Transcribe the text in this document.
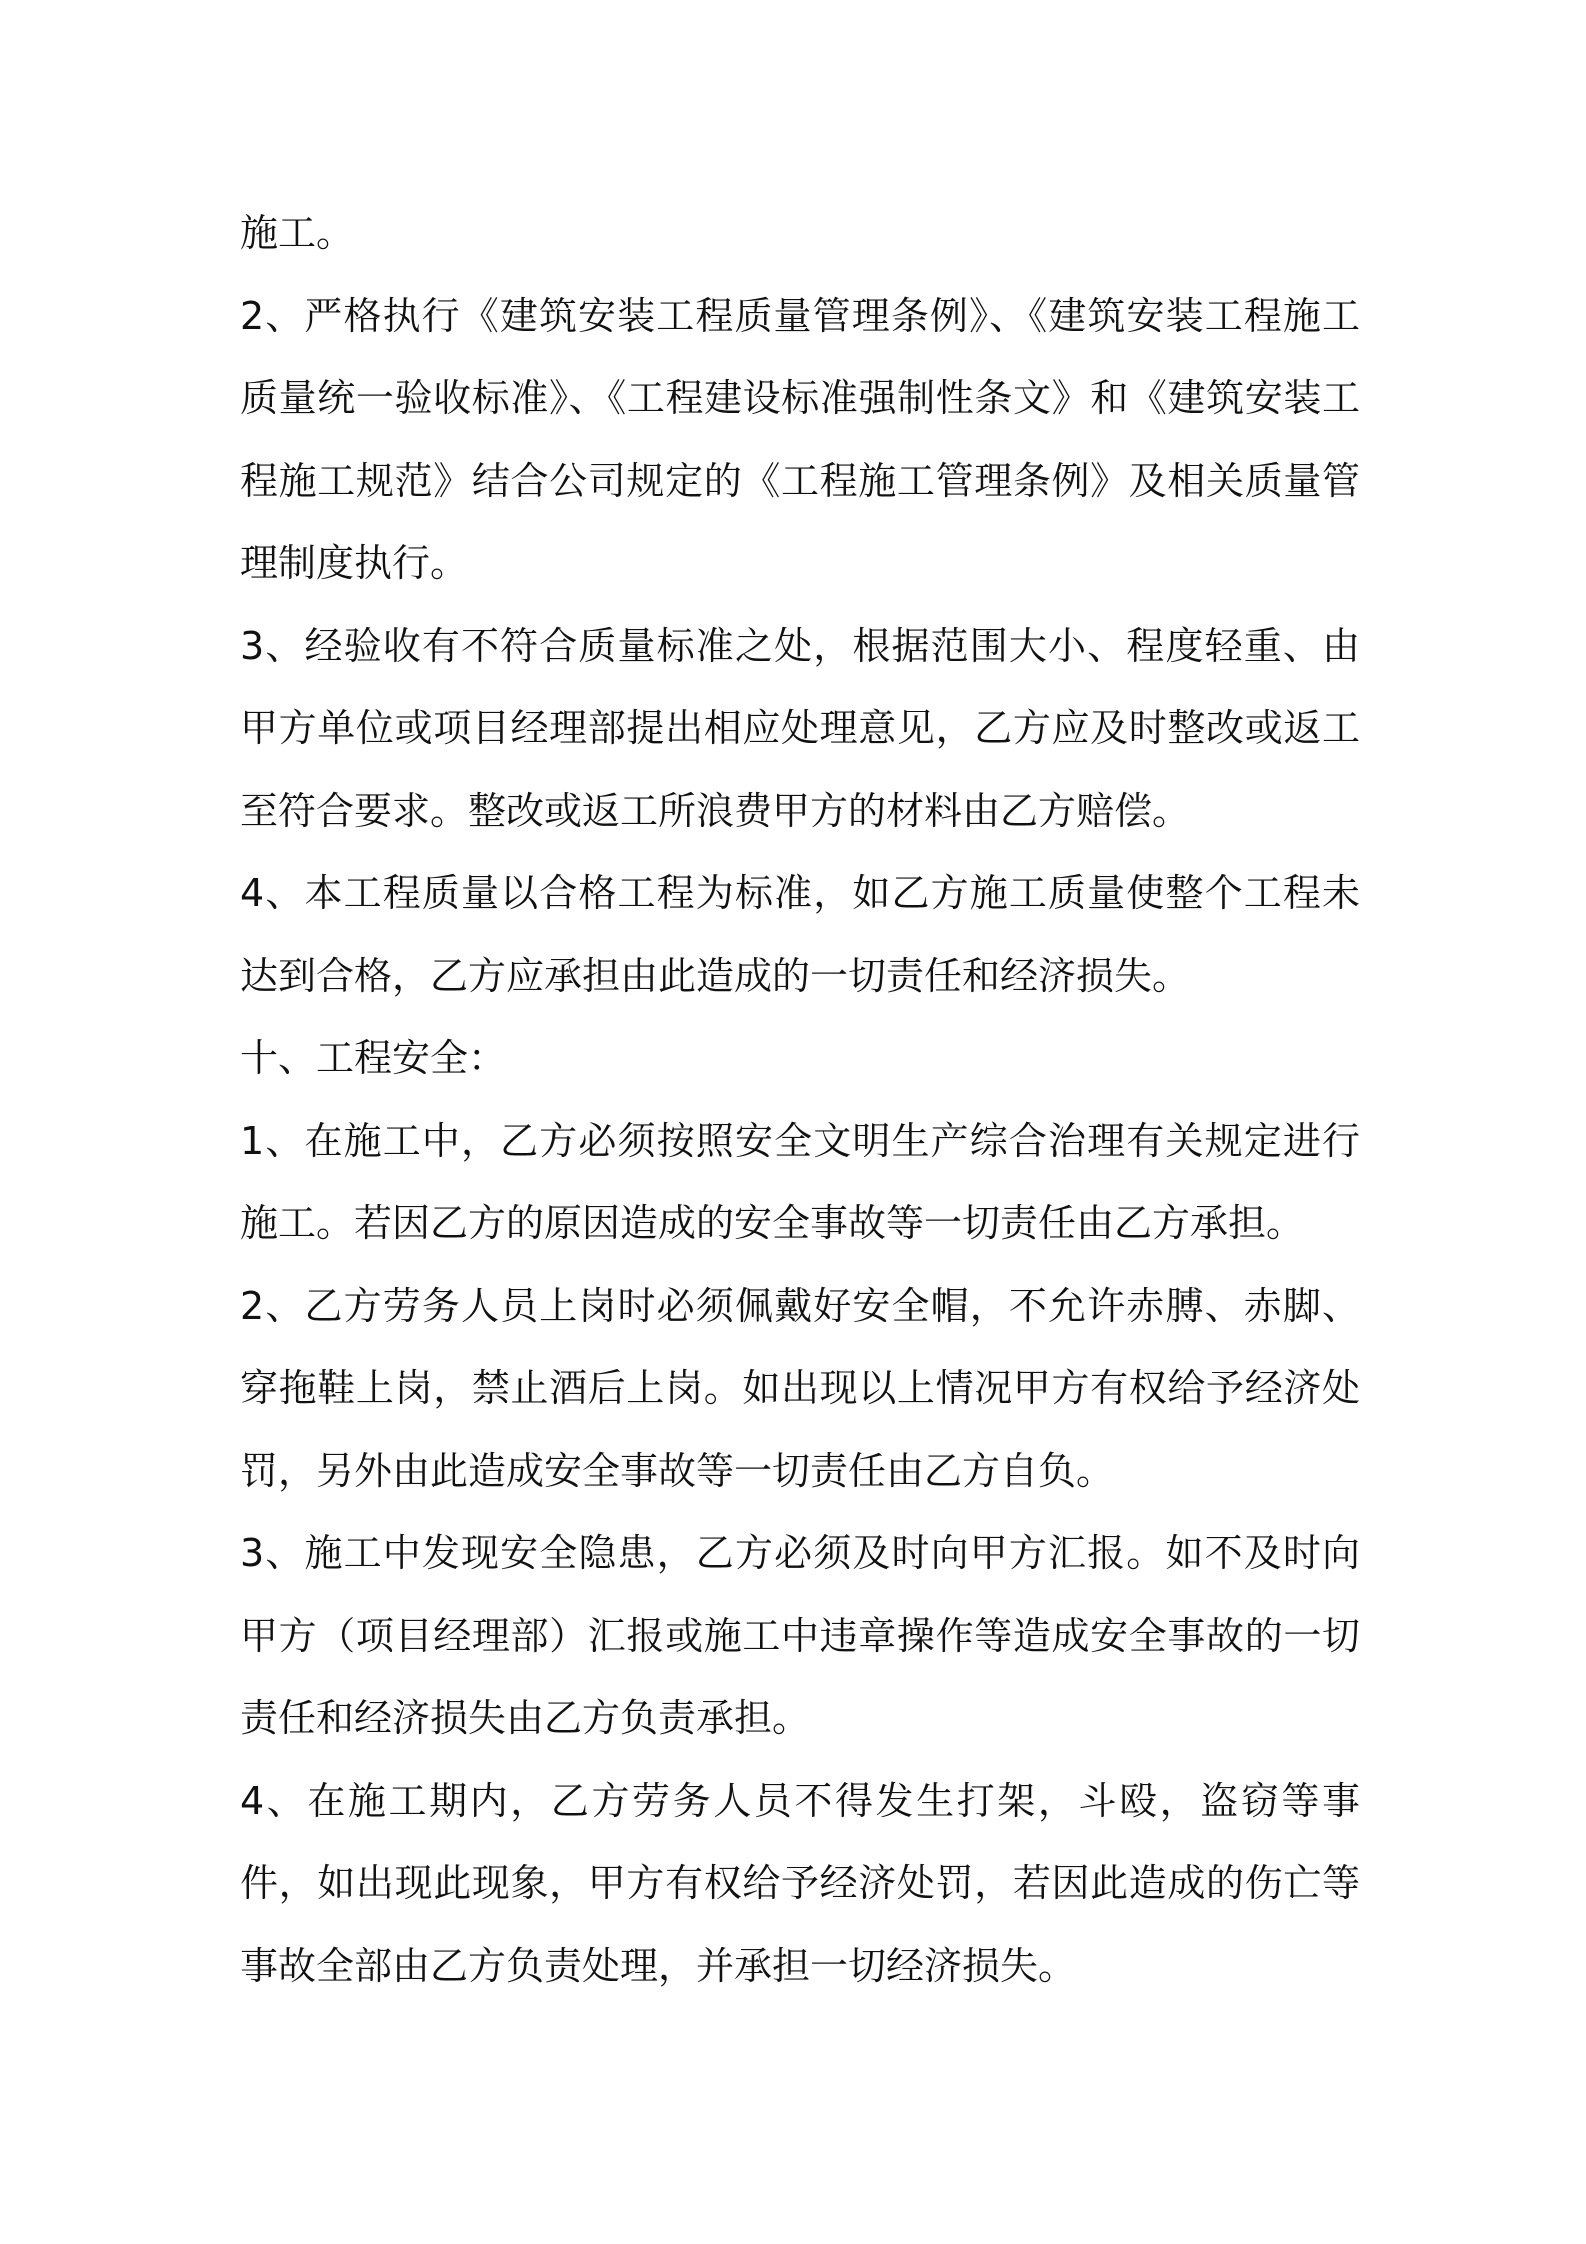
施工。

2、严格执行《建筑安装工程质量管理条例》、《建筑安装工程施工质量统一验收标准》、《工程建设标准强制性条文》和《建筑安装工程施工规范》结合公司规定的《工程施工管理条例》及相关质量管理制度执行。

3、经验收有不符合质量标准之处，根据范围大小、程度轻重、由甲方单位或项目经理部提出相应处理意见，乙方应及时整改或返工至符合要求。整改或返工所浪费甲方的材料由乙方赔偿。

4、本工程质量以合格工程为标准，如乙方施工质量使整个工程未达到合格，乙方应承担由此造成的一切责任和经济损失。

十、工程安全：

1、在施工中，乙方必须按照安全文明生产综合治理有关规定进行施工。若因乙方的原因造成的安全事故等一切责任由乙方承担。

2、乙方劳务人员上岗时必须佩戴好安全帽，不允许赤膊、赤脚、穿拖鞋上岗，禁止酒后上岗。如出现以上情况甲方有权给予经济处罚，另外由此造成安全事故等一切责任由乙方自负。

3、施工中发现安全隐患，乙方必须及时向甲方汇报。如不及时向甲方（项目经理部）汇报或施工中违章操作等造成安全事故的一切责任和经济损失由乙方负责承担。

4、在施工期内，乙方劳务人员不得发生打架，斗殴，盗窃等事件，如出现此现象，甲方有权给予经济处罚，若因此造成的伤亡等事故全部由乙方负责处理，并承担一切经济损失。
